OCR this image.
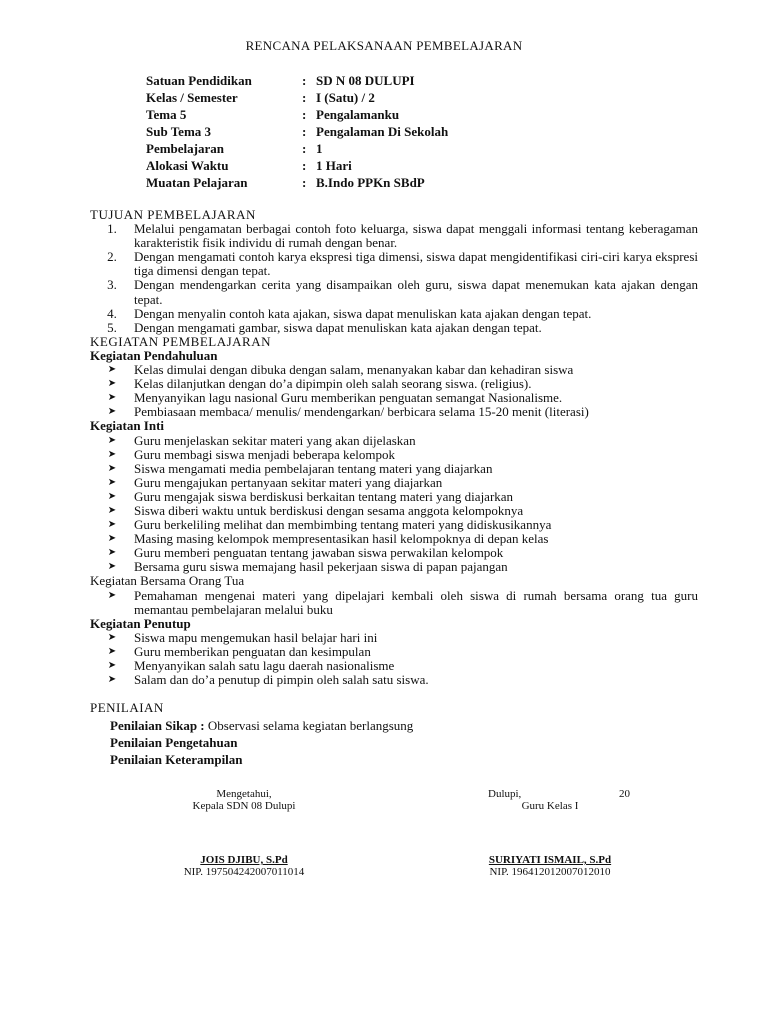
RENCANA PELAKSANAAN PEMBELAJARAN
Satuan Pendidikan	: SD N 08 DULUPI
Kelas / Semester	: I (Satu) / 2
Tema 5	: Pengalamanku
Sub Tema 3	: Pengalaman Di Sekolah
Pembelajaran	: 1
Alokasi Waktu	: 1 Hari
Muatan Pelajaran	: B.Indo PPKn SBdP
TUJUAN PEMBELAJARAN
1.	Melalui pengamatan berbagai contoh foto keluarga, siswa dapat menggali informasi tentang keberagaman karakteristik fisik individu di rumah dengan benar.
2.	Dengan mengamati contoh karya ekspresi tiga dimensi, siswa dapat mengidentifikasi ciri-ciri karya ekspresi tiga dimensi dengan tepat.
3.	Dengan mendengarkan cerita yang disampaikan oleh guru, siswa dapat menemukan kata ajakan dengan tepat.
4.	Dengan menyalin contoh kata ajakan, siswa dapat menuliskan kata ajakan dengan tepat.
5.	Dengan mengamati gambar, siswa dapat menuliskan kata ajakan dengan tepat.
KEGIATAN PEMBELAJARAN
Kegiatan Pendahuluan
➤	Kelas dimulai dengan dibuka dengan salam, menanyakan kabar dan kehadiran siswa
➤	Kelas dilanjutkan dengan do’a dipimpin oleh salah seorang siswa. (religius).
➤	Menyanyikan lagu nasional Guru memberikan penguatan semangat Nasionalisme.
➤	Pembiasaan membaca/ menulis/ mendengarkan/ berbicara selama 15-20 menit (literasi)
Kegiatan Inti
➤	Guru menjelaskan sekitar materi yang akan dijelaskan
➤	Guru membagi siswa menjadi beberapa kelompok
➤	Siswa mengamati media pembelajaran tentang materi yang diajarkan
➤	Guru mengajukan pertanyaan sekitar materi yang diajarkan
➤	Guru mengajak siswa berdiskusi berkaitan tentang materi yang diajarkan
➤	Siswa diberi waktu untuk berdiskusi dengan sesama anggota kelompoknya
➤	Guru berkeliling melihat dan membimbing tentang materi yang didiskusikannya
➤	Masing masing kelompok mempresentasikan hasil kelompoknya di depan kelas
➤	Guru memberi penguatan tentang jawaban siswa perwakilan kelompok
➤	Bersama guru siswa memajang hasil pekerjaan siswa di papan pajangan
Kegiatan Bersama Orang Tua
➤	Pemahaman mengenai materi yang dipelajari kembali oleh siswa di rumah bersama orang tua guru memantau pembelajaran melalui buku
Kegiatan Penutup
➤	Siswa mapu mengemukan hasil belajar hari ini
➤	Guru memberikan penguatan dan kesimpulan
➤	Menyanyikan salah satu lagu daerah nasionalisme
➤	Salam dan do’a penutup di pimpin oleh salah satu siswa.
PENILAIAN
Penilaian Sikap : Observasi selama kegiatan berlangsung
Penilaian Pengetahuan
Penilaian Keterampilan
Mengetahui,
Kepala SDN 08 Dulupi
JOIS DJIBU, S.Pd
NIP. 197504242007011014
Dulupi,	20
Guru Kelas I
SURIYATI ISMAIL, S.Pd
NIP. 196412012007012010
